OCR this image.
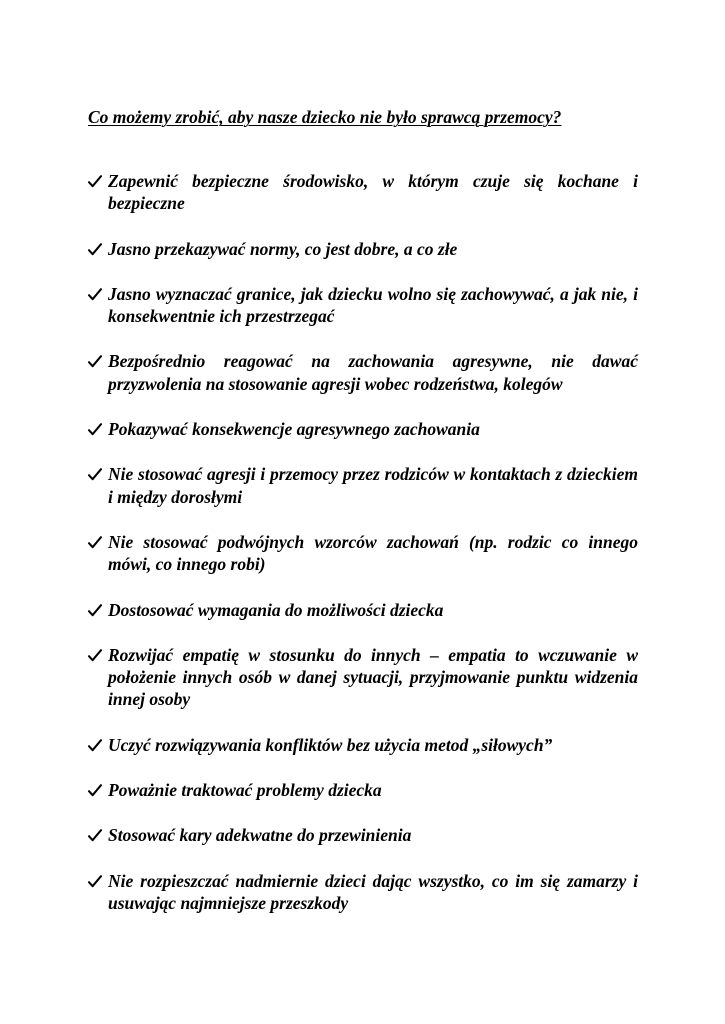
Co możemy zrobić, aby nasze dziecko nie było sprawcą przemocy?
Zapewnić bezpieczne środowisko, w którym czuje się kochane i bezpieczne
Jasno przekazywać normy, co jest dobre, a co złe
Jasno wyznaczać granice, jak dziecku wolno się zachowywać, a jak nie, i konsekwentnie ich przestrzegać
Bezpośrednio reagować na zachowania agresywne, nie dawać przyzwolenia na stosowanie agresji wobec rodzeństwa, kolegów
Pokazywać konsekwencje agresywnego zachowania
Nie stosować agresji i przemocy przez rodziców w kontaktach z dzieckiem i między dorosłymi
Nie stosować podwójnych wzorców zachowań (np. rodzic co innego mówi, co innego robi)
Dostosować wymagania do możliwości dziecka
Rozwijać empatię w stosunku do innych – empatia to wczuwanie w położenie innych osób w danej sytuacji, przyjmowanie punktu widzenia innej osoby
Uczyć rozwiązywania konfliktów bez użycia metod „siłowych”
Poważnie traktować problemy dziecka
Stosować kary adekwatne do przewinienia
Nie rozpieszczać nadmiernie dzieci dając wszystko, co im się zamarzy i usuwając najmniejsze przeszkody
